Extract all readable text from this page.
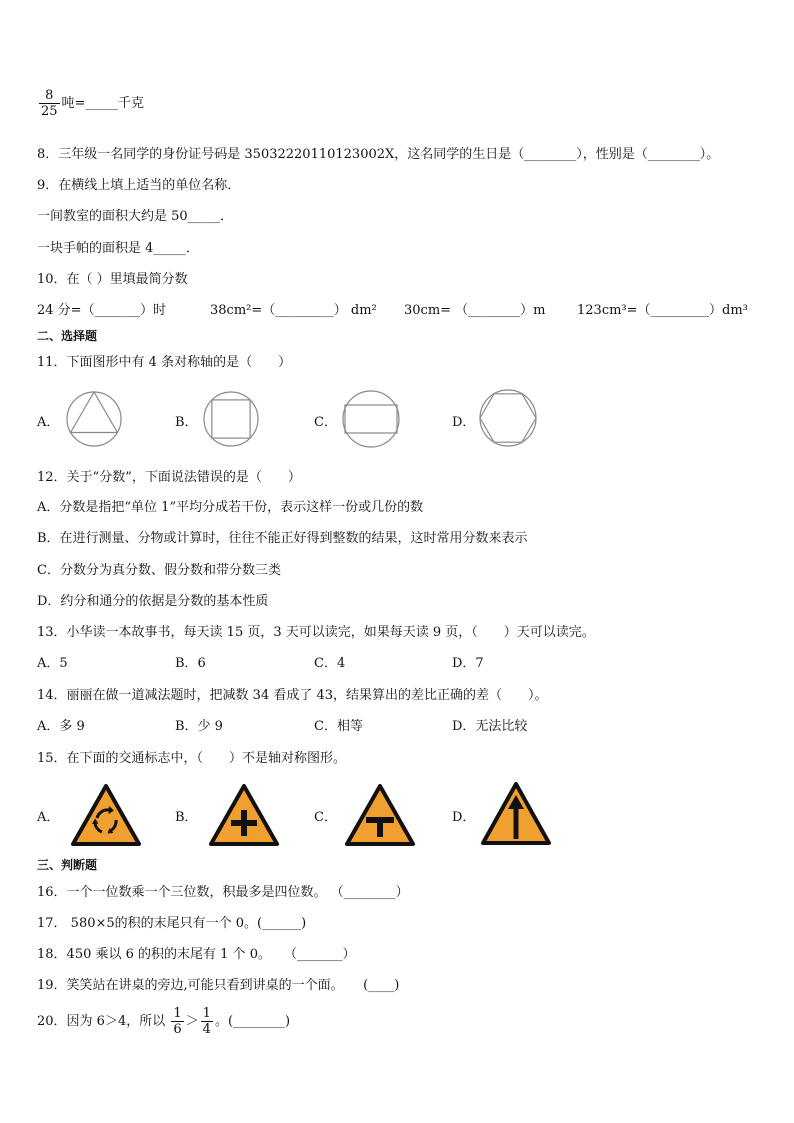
$\frac{8}{25}$ 吨=_____千克
8．三年级一名同学的身份证号码是 35032220110123002X，这名同学的生日是（________），性别是（________）。
9．在横线上填上适当的单位名称．
一间教室的面积大约是 50_____．
一块手帕的面积是 4_____．
10．在（ ）里填最简分数
24 分=（_______）时	38cm²=（_________） dm² 30cm= （________）m 123cm³=（_________）dm³
二、选择题
11．下面图形中有 4 条对称轴的是（　　）
A．	B．	C．	D．
12．关于“分数”，下面说法错误的是（　　）
A．分数是指把“单位 1”平均分成若干份，表示这样一份或几份的数
B．在进行测量、分物或计算时，往往不能正好得到整数的结果，这时常用分数来表示
C．分数分为真分数、假分数和带分数三类
D．约分和通分的依据是分数的基本性质
13．小华读一本故事书，每天读 15 页，3 天可以读完，如果每天读 9 页，（　　）天可以读完。
A．5	B．6	C．4	D．7
14．丽丽在做一道减法题时，把减数 34 看成了 43，结果算出的差比正确的差（　　）。
A．多 9	B．少 9	C．相等	D．无法比较
15．在下面的交通标志中，（　　）不是轴对称图形。
A．	B．	C．	D．
三、判断题
16．一个一位数乘一个三位数，积最多是四位数。 （________）
17． 580×5的积的末尾只有一个 0。(______)
18．450 乘以 6 的积的末尾有 1 个 0。　　（_______）
19．笑笑站在讲桌的旁边,可能只看到讲桌的一个面。　　(____)
20．因为 6＞4，所以 $\frac{1}{6} > \frac{1}{4}$ 。(________)
